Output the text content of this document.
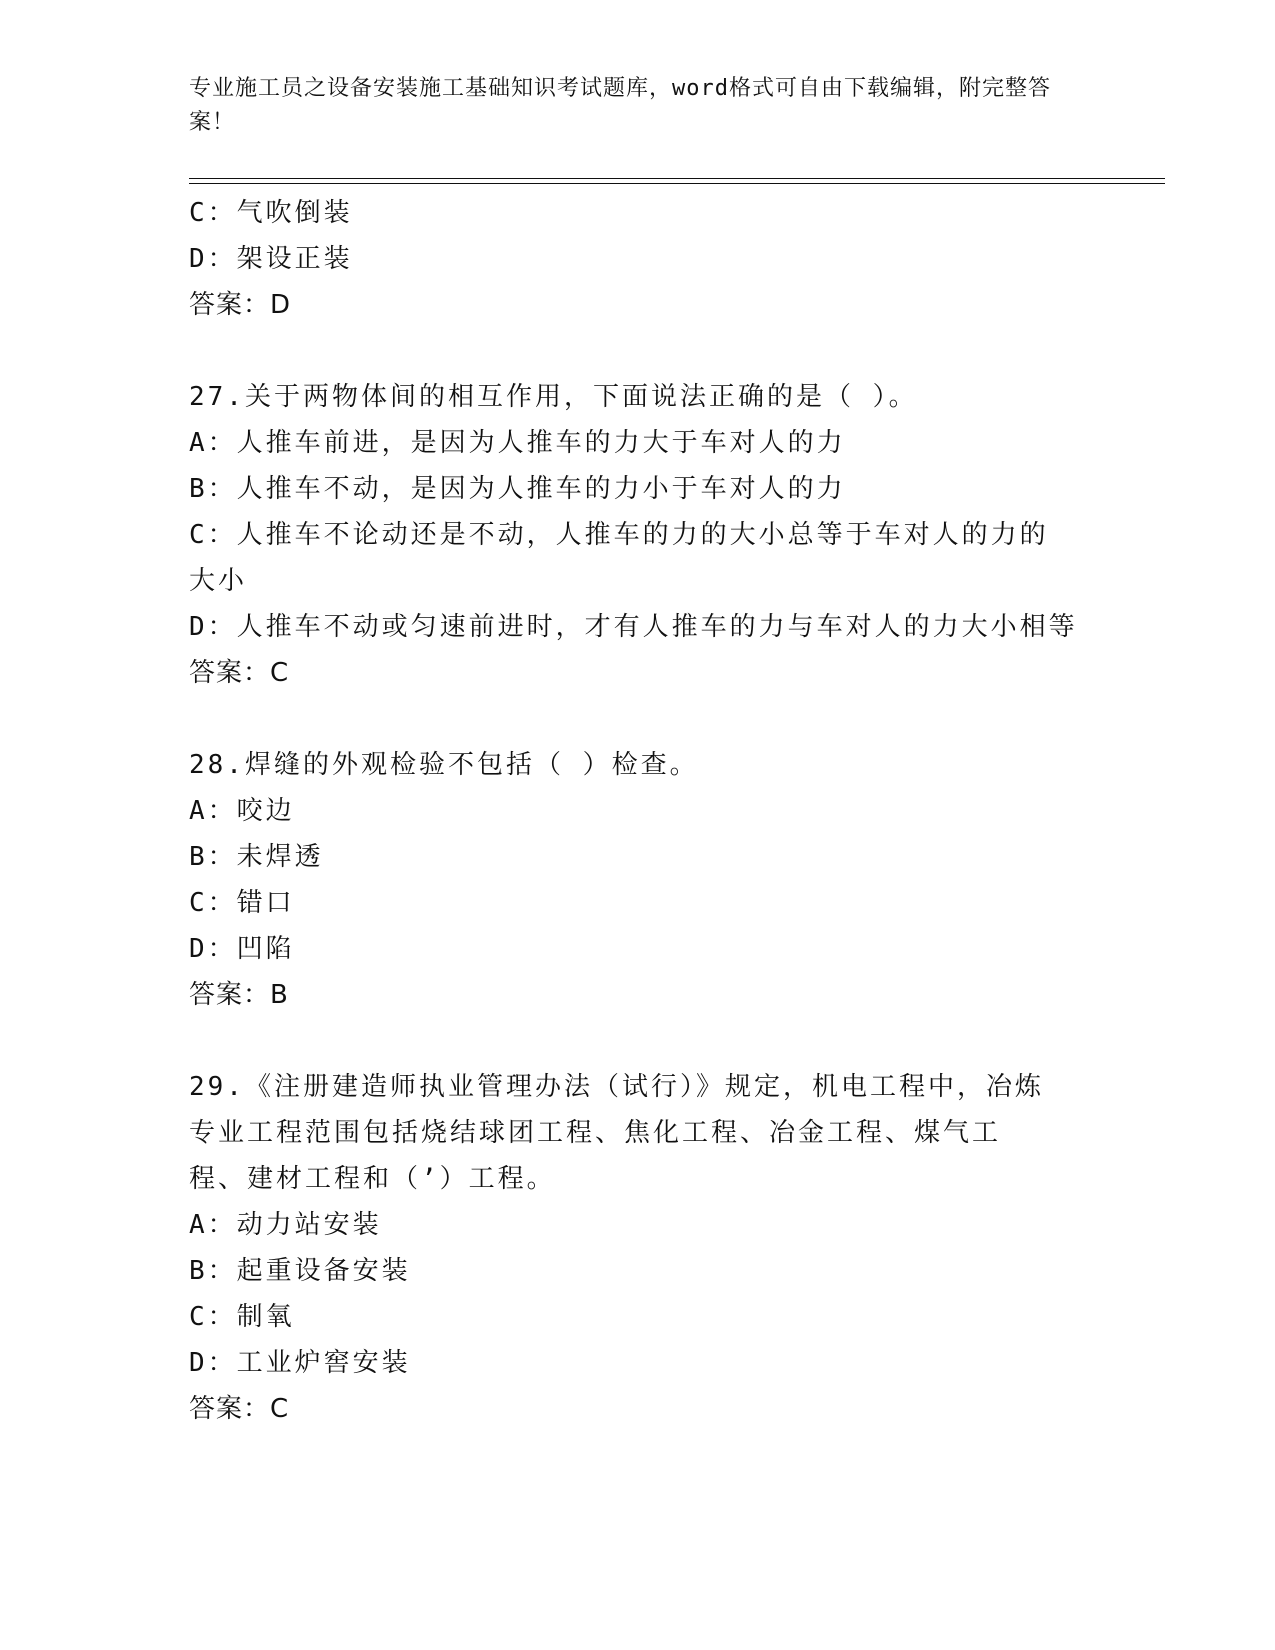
专业施工员之设备安装施工基础知识考试题库，word格式可自由下载编辑，附完整答案！

C：气吹倒装

D：架设正装

答案：D

27.关于两物体间的相互作用，下面说法正确的是（ ）。

A：人推车前进，是因为人推车的力大于车对人的力

B：人推车不动，是因为人推车的力小于车对人的力

C：人推车不论动还是不动，人推车的力的大小总等于车对人的力的大小

D：人推车不动或匀速前进时，才有人推车的力与车对人的力大小相等

答案：C

28.焊缝的外观检验不包括（ ）检查。

A：咬边

B：未焊透

C：错口

D：凹陷

答案：B

29.《注册建造师执业管理办法（试行）》规定，机电工程中，冶炼专业工程范围包括烧结球团工程、焦化工程、冶金工程、煤气工程、建材工程和（’）工程。

A：动力站安装

B：起重设备安装

C：制氧

D：工业炉窖安装

答案：C
